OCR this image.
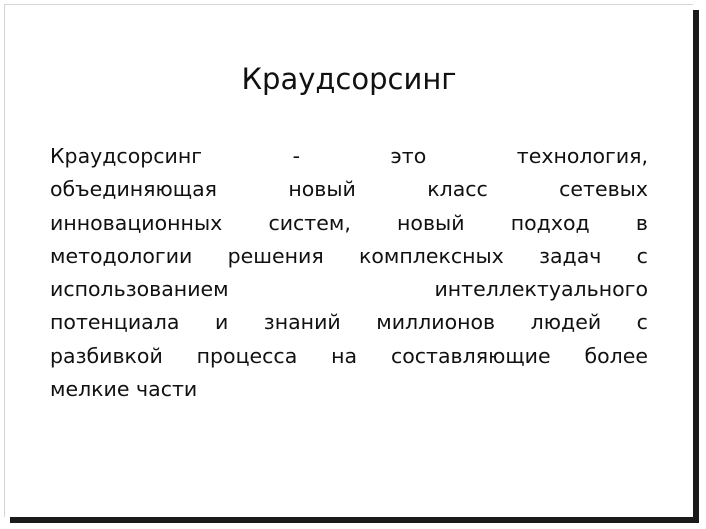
Краудсорсинг
Краудсорсинг	-	это	технология,
объединяющая	новый	класс	сетевых
инновационных систем, новый подход в
методологии решения комплексных задач с
использованием	интеллектуального
потенциала и знаний миллионов людей с
разбивкой процесса на составляющие более
мелкие части
